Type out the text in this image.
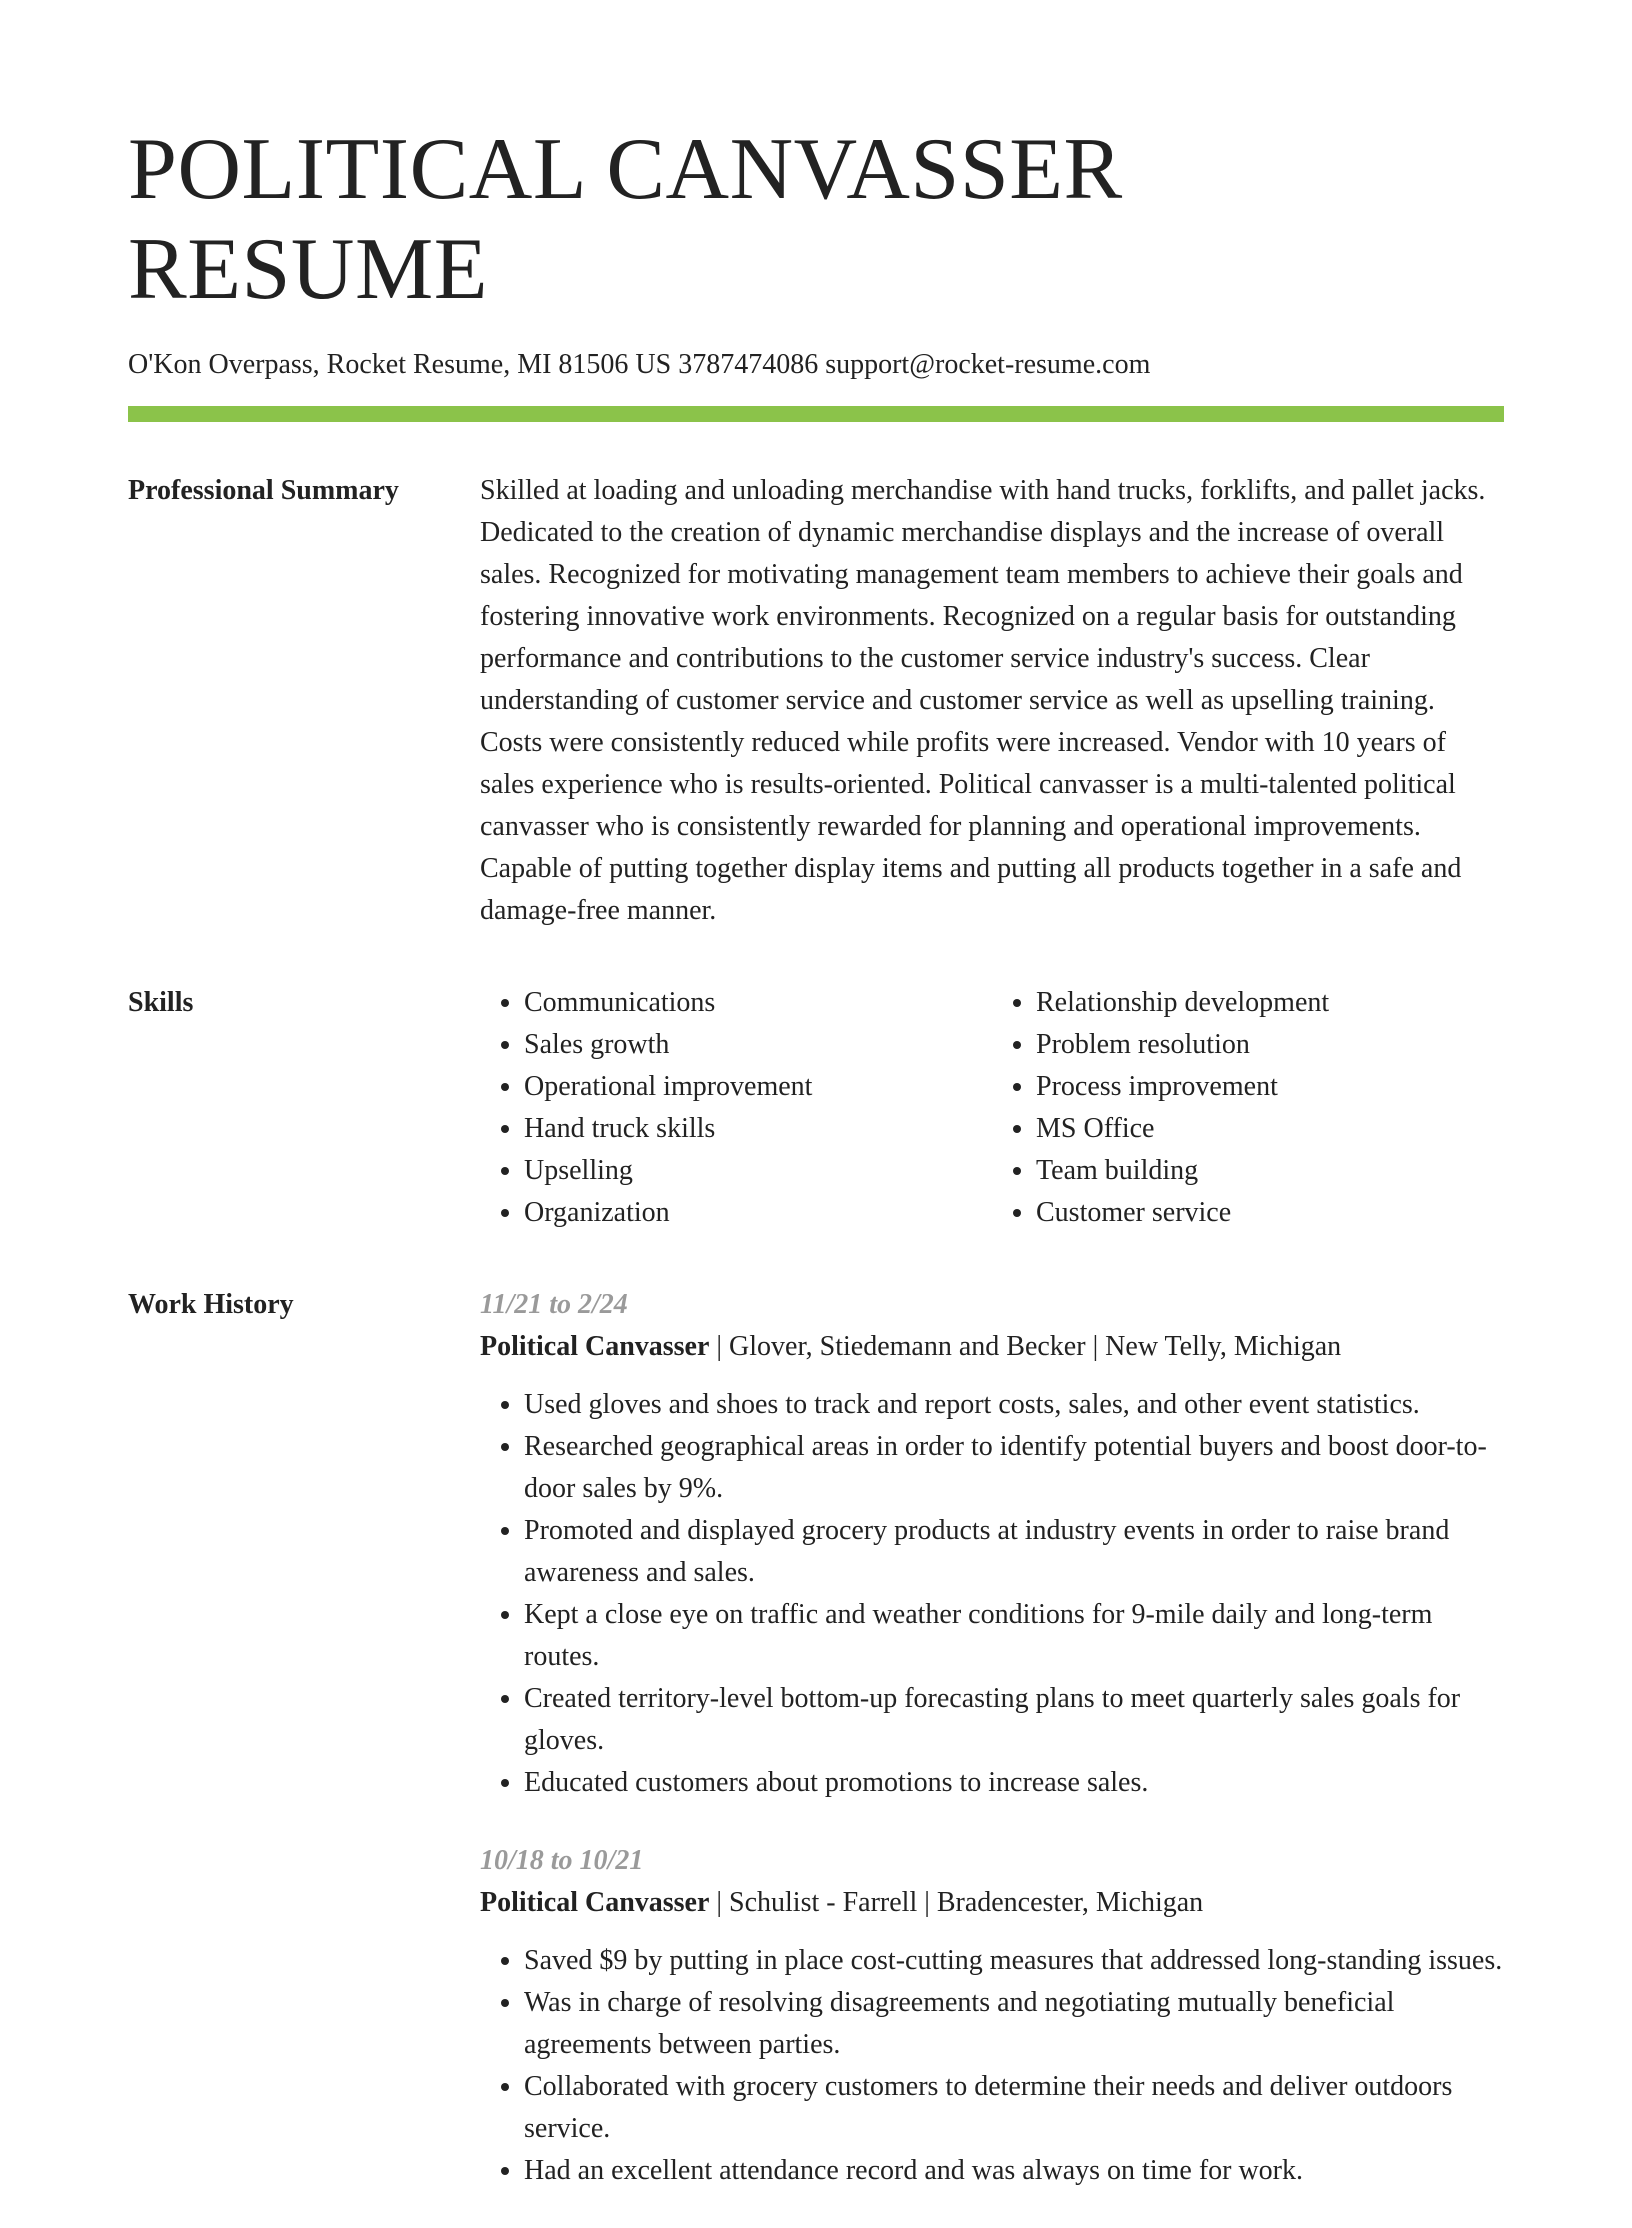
POLITICAL CANVASSER RESUME
O'Kon Overpass, Rocket Resume, MI 81506 US 3787474086 support@rocket-resume.com
Professional Summary	Skilled at loading and unloading merchandise with hand trucks, forklifts, and pallet jacks. Dedicated to the creation of dynamic merchandise displays and the increase of overall sales. Recognized for motivating management team members to achieve their goals and fostering innovative work environments. Recognized on a regular basis for outstanding performance and contributions to the customer service industry's success. Clear understanding of customer service and customer service as well as upselling training. Costs were consistently reduced while profits were increased. Vendor with 10 years of sales experience who is results-oriented. Political canvasser is a multi-talented political canvasser who is consistently rewarded for planning and operational improvements. Capable of putting together display items and putting all products together in a safe and damage-free manner.

Skills
•	Communications
• Sales growth
• Operational improvement
• Hand truck skills
• Upselling
• Organization
• Relationship development
• Problem resolution
• Process improvement
• MS Office
• Team building
• Customer service
Work History	11/21 to 2/24
Political Canvasser | Glover, Stiedemann and Becker | New Telly, Michigan
• Used gloves and shoes to track and report costs, sales, and other event statistics.
• Researched geographical areas in order to identify potential buyers and boost door-to-door sales by 9%.
• Promoted and displayed grocery products at industry events in order to raise brand awareness and sales.
• Kept a close eye on traffic and weather conditions for 9-mile daily and long-term routes.
• Created territory-level bottom-up forecasting plans to meet quarterly sales goals for gloves.
• Educated customers about promotions to increase sales.
10/18 to 10/21
Political Canvasser | Schulist - Farrell | Bradencester, Michigan
• Saved $9 by putting in place cost-cutting measures that addressed long-standing issues.
• Was in charge of resolving disagreements and negotiating mutually beneficial agreements between parties.
• Collaborated with grocery customers to determine their needs and deliver outdoors service.
• Had an excellent attendance record and was always on time for work.
